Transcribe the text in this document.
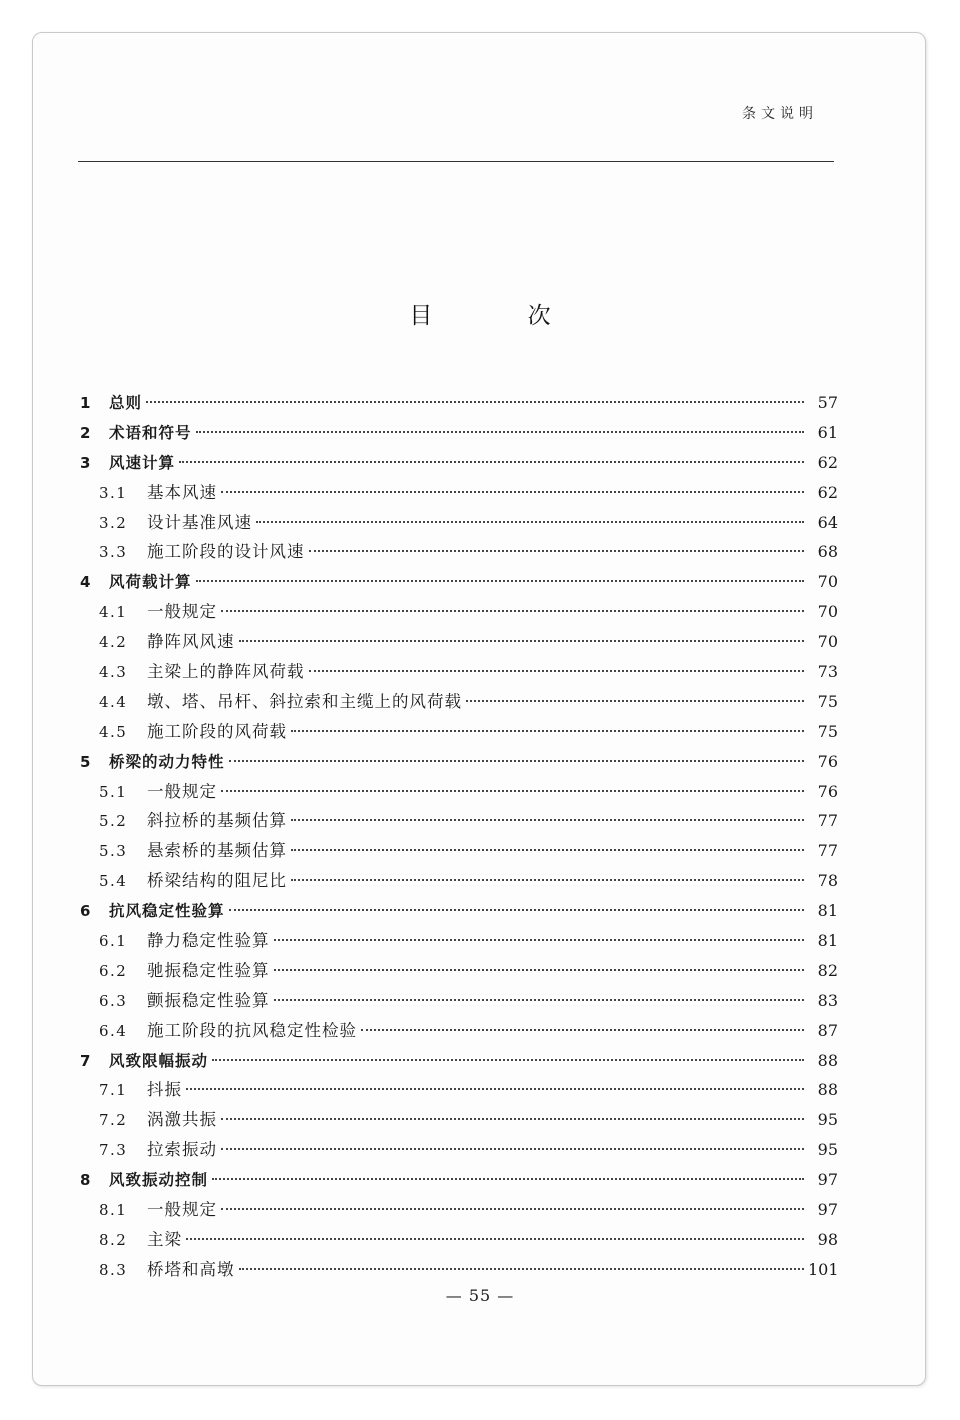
条文说明
目 次
1	总则	57
2	术语和符号	61
3	风速计算	62
3.1	基本风速	62
3.2	设计基准风速	64
3.3	施工阶段的设计风速	68
4	风荷载计算	70
4.1	一般规定	70
4.2	静阵风风速	70
4.3	主梁上的静阵风荷载	73
4.4	墩、塔、吊杆、斜拉索和主缆上的风荷载	75
4.5	施工阶段的风荷载	75
5	桥梁的动力特性	76
5.1	一般规定	76
5.2	斜拉桥的基频估算	77
5.3	悬索桥的基频估算	77
5.4	桥梁结构的阻尼比	78
6	抗风稳定性验算	81
6.1	静力稳定性验算	81
6.2	驰振稳定性验算	82
6.3	颤振稳定性验算	83
6.4	施工阶段的抗风稳定性检验	87
7	风致限幅振动	88
7.1	抖振	88
7.2	涡激共振	95
7.3	拉索振动	95
8	风致振动控制	97
8.1	一般规定	97
8.2	主梁	98
8.3	桥塔和高墩	101
— 55 —
